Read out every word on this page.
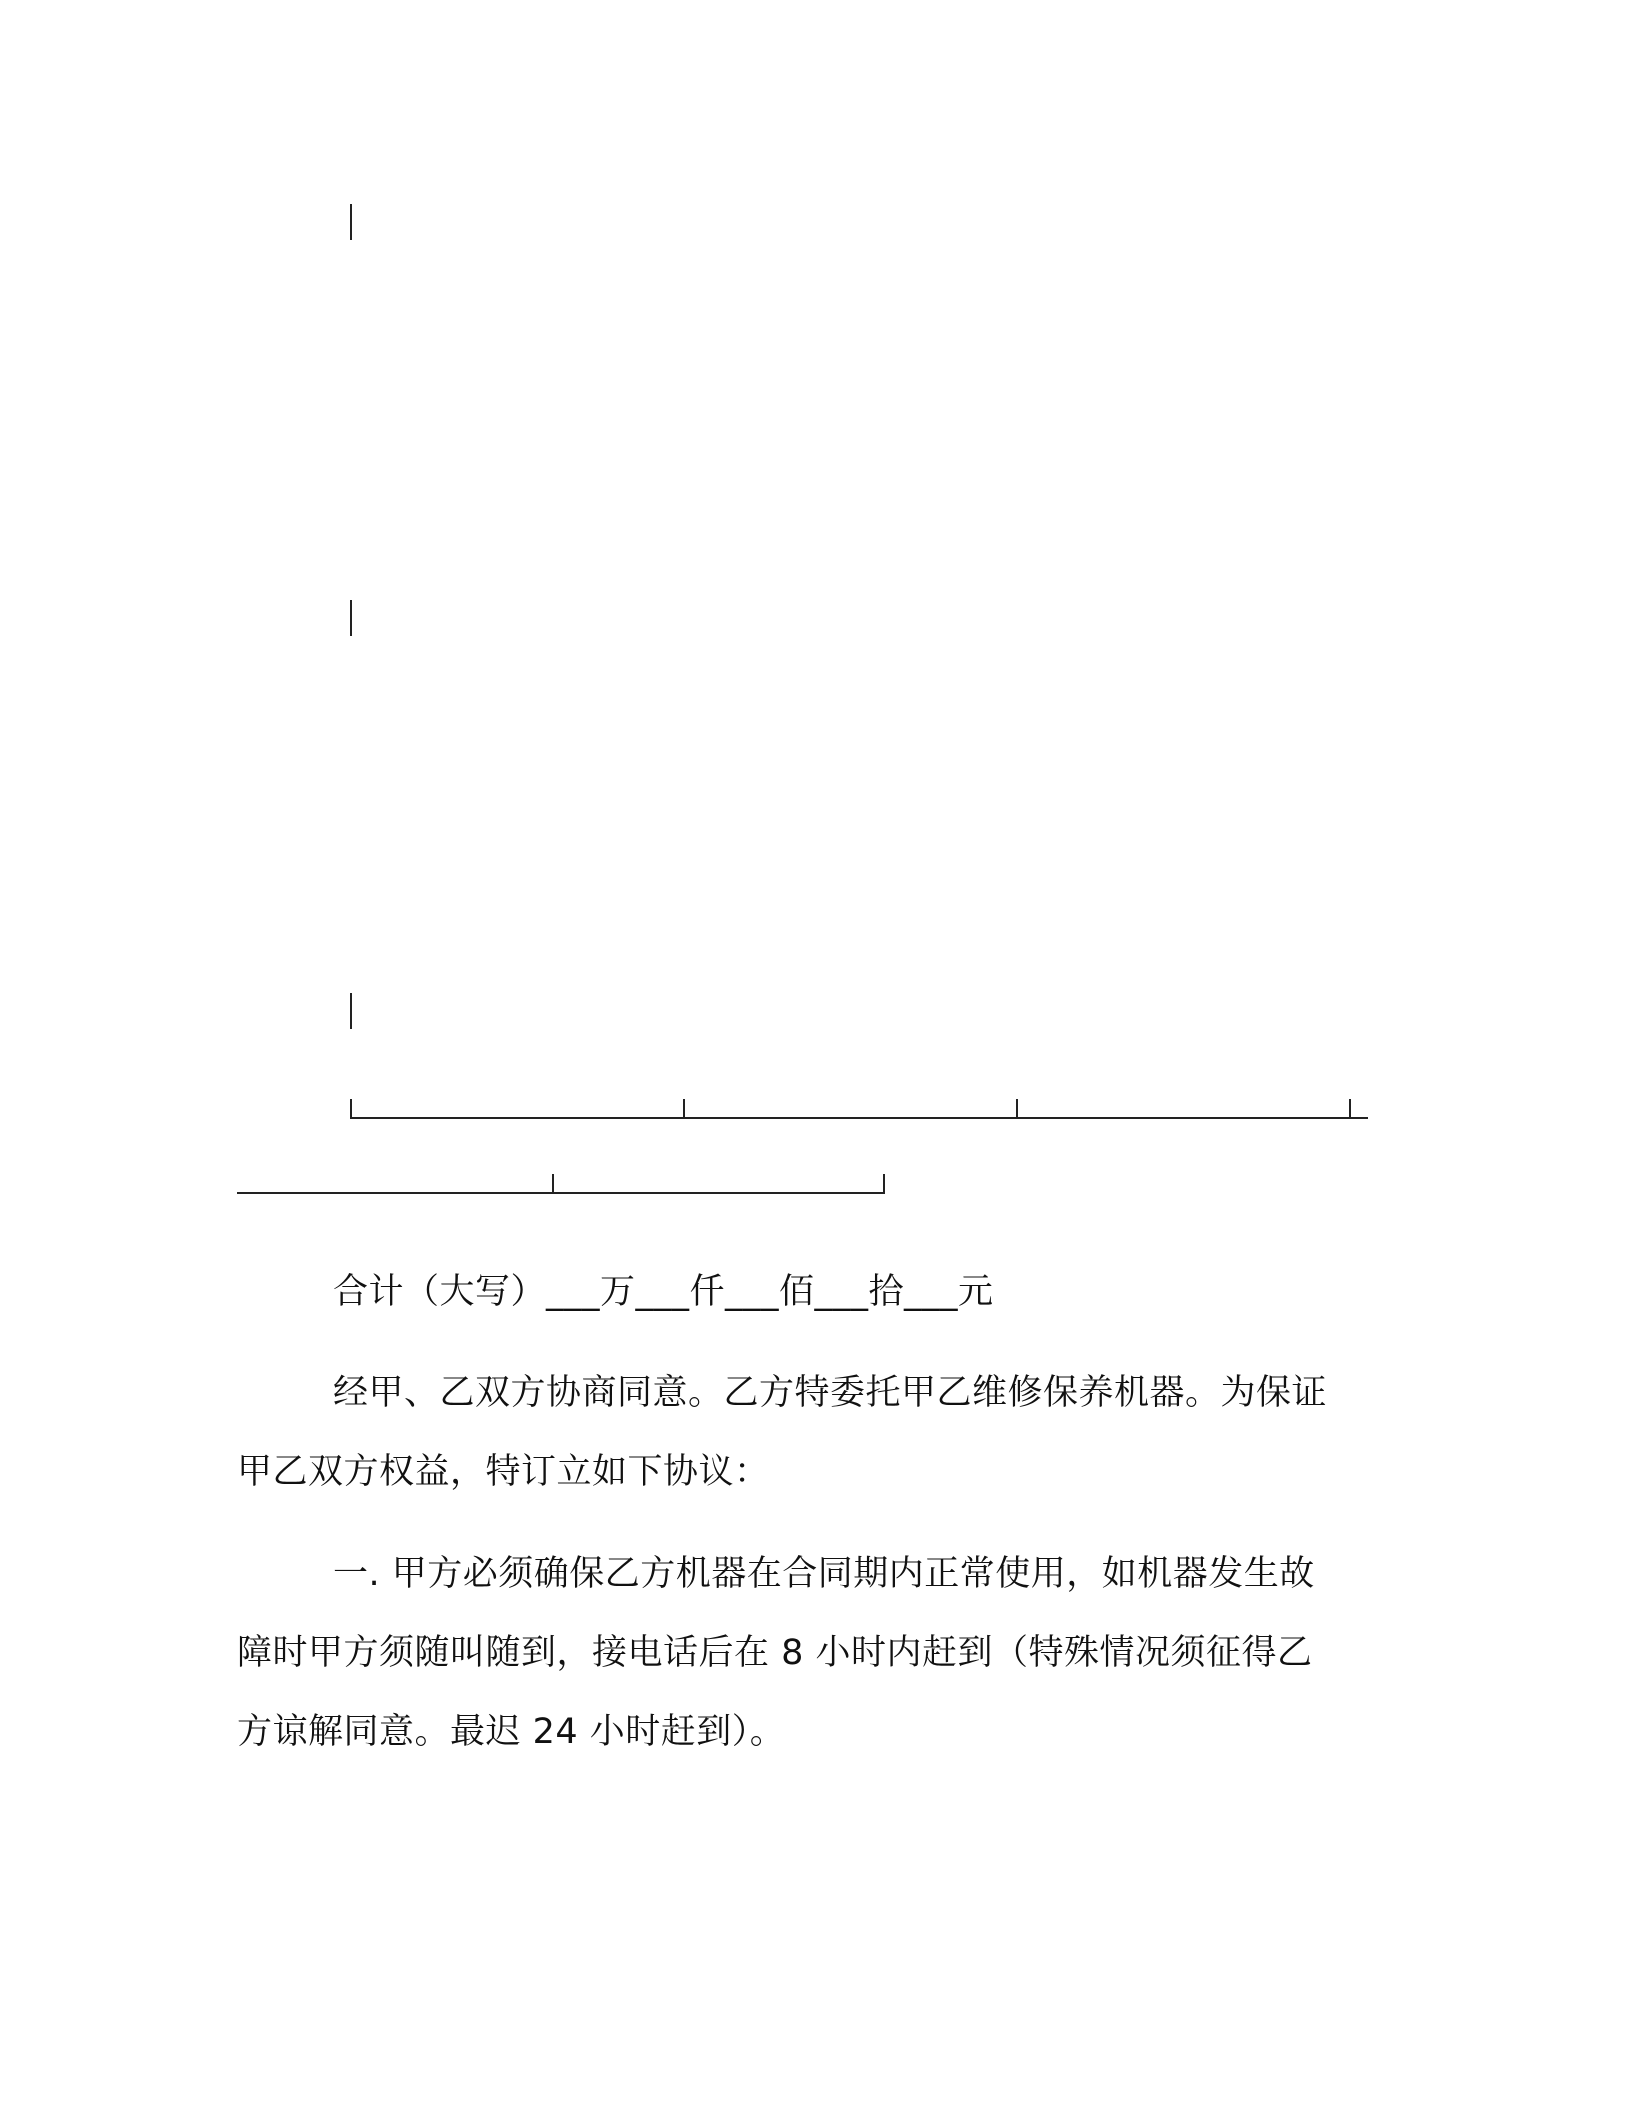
合计（大写）___万___仟___佰___拾___元
经甲、乙双方协商同意。乙方特委托甲乙维修保养机器。为保证
甲乙双方权益，特订立如下协议：
一. 甲方必须确保乙方机器在合同期内正常使用，如机器发生故
障时甲方须随叫随到，接电话后在 8 小时内赶到（特殊情况须征得乙
方谅解同意。最迟 24 小时赶到）。
